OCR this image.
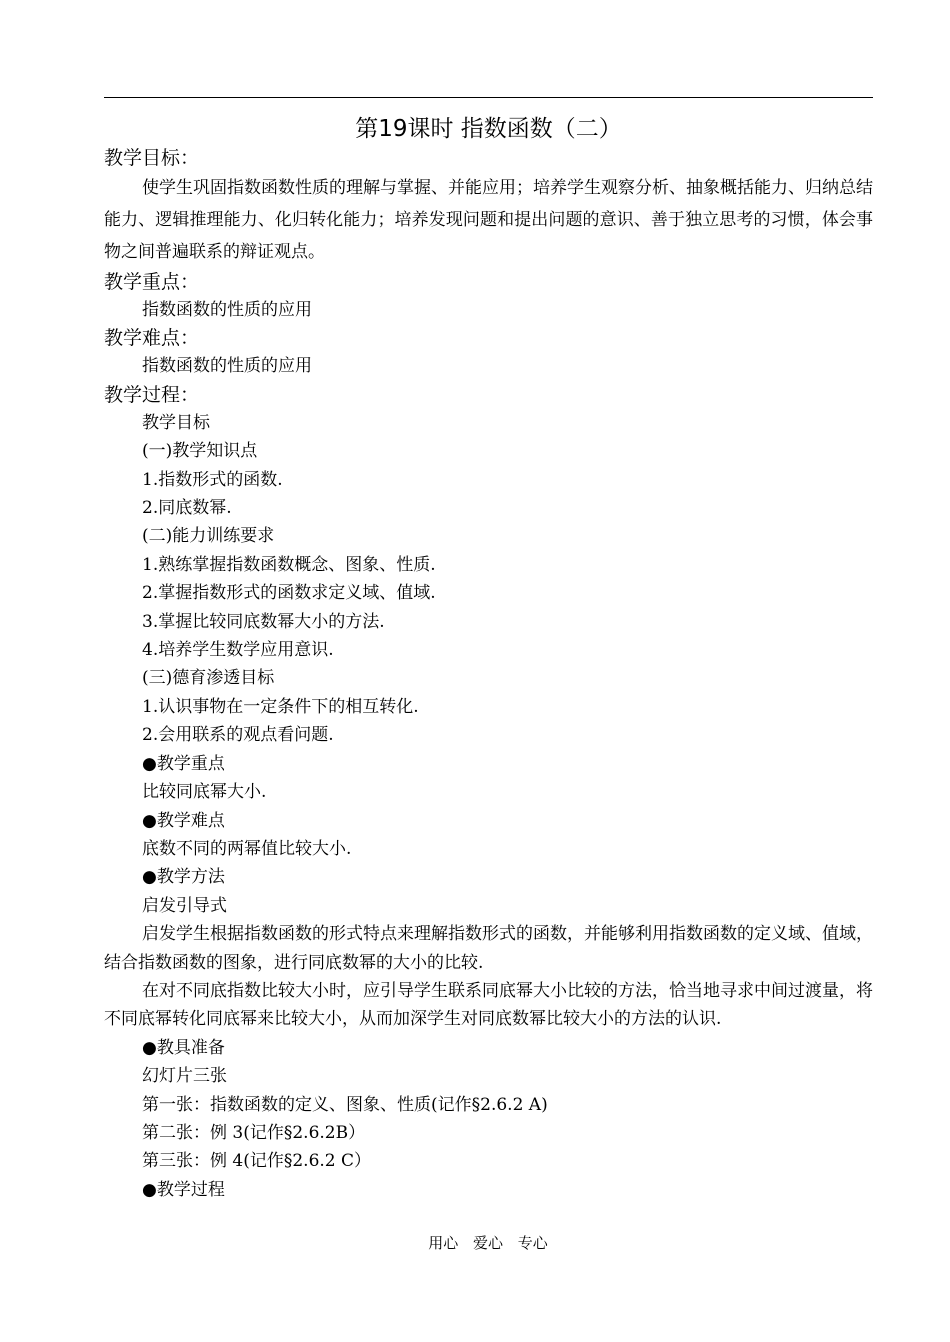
第19课时 指数函数（二）

教学目标：

使学生巩固指数函数性质的理解与掌握、并能应用；培养学生观察分析、抽象概括能力、归纳总结能力、逻辑推理能力、化归转化能力；培养发现问题和提出问题的意识、善于独立思考的习惯，体会事物之间普遍联系的辩证观点。

教学重点：

指数函数的性质的应用

教学难点：

指数函数的性质的应用

教学过程：

教学目标

(一)教学知识点

1.指数形式的函数.

2.同底数幂.

(二)能力训练要求

1.熟练掌握指数函数概念、图象、性质.

2.掌握指数形式的函数求定义域、值域.

3.掌握比较同底数幂大小的方法.

4.培养学生数学应用意识.

(三)德育渗透目标

1.认识事物在一定条件下的相互转化.

2.会用联系的观点看问题.

●教学重点

比较同底幂大小.

●教学难点

底数不同的两幂值比较大小.

●教学方法

启发引导式

启发学生根据指数函数的形式特点来理解指数形式的函数，并能够利用指数函数的定义域、值域，结合指数函数的图象，进行同底数幂的大小的比较.

在对不同底指数比较大小时，应引导学生联系同底幂大小比较的方法，恰当地寻求中间过渡量，将不同底幂转化同底幂来比较大小，从而加深学生对同底数幂比较大小的方法的认识.

●教具准备

幻灯片三张

第一张：指数函数的定义、图象、性质(记作§2.6.2 A)

第二张：例 3(记作§2.6.2B）

第三张：例 4(记作§2.6.2 C）

●教学过程

用心 爱心 专心
